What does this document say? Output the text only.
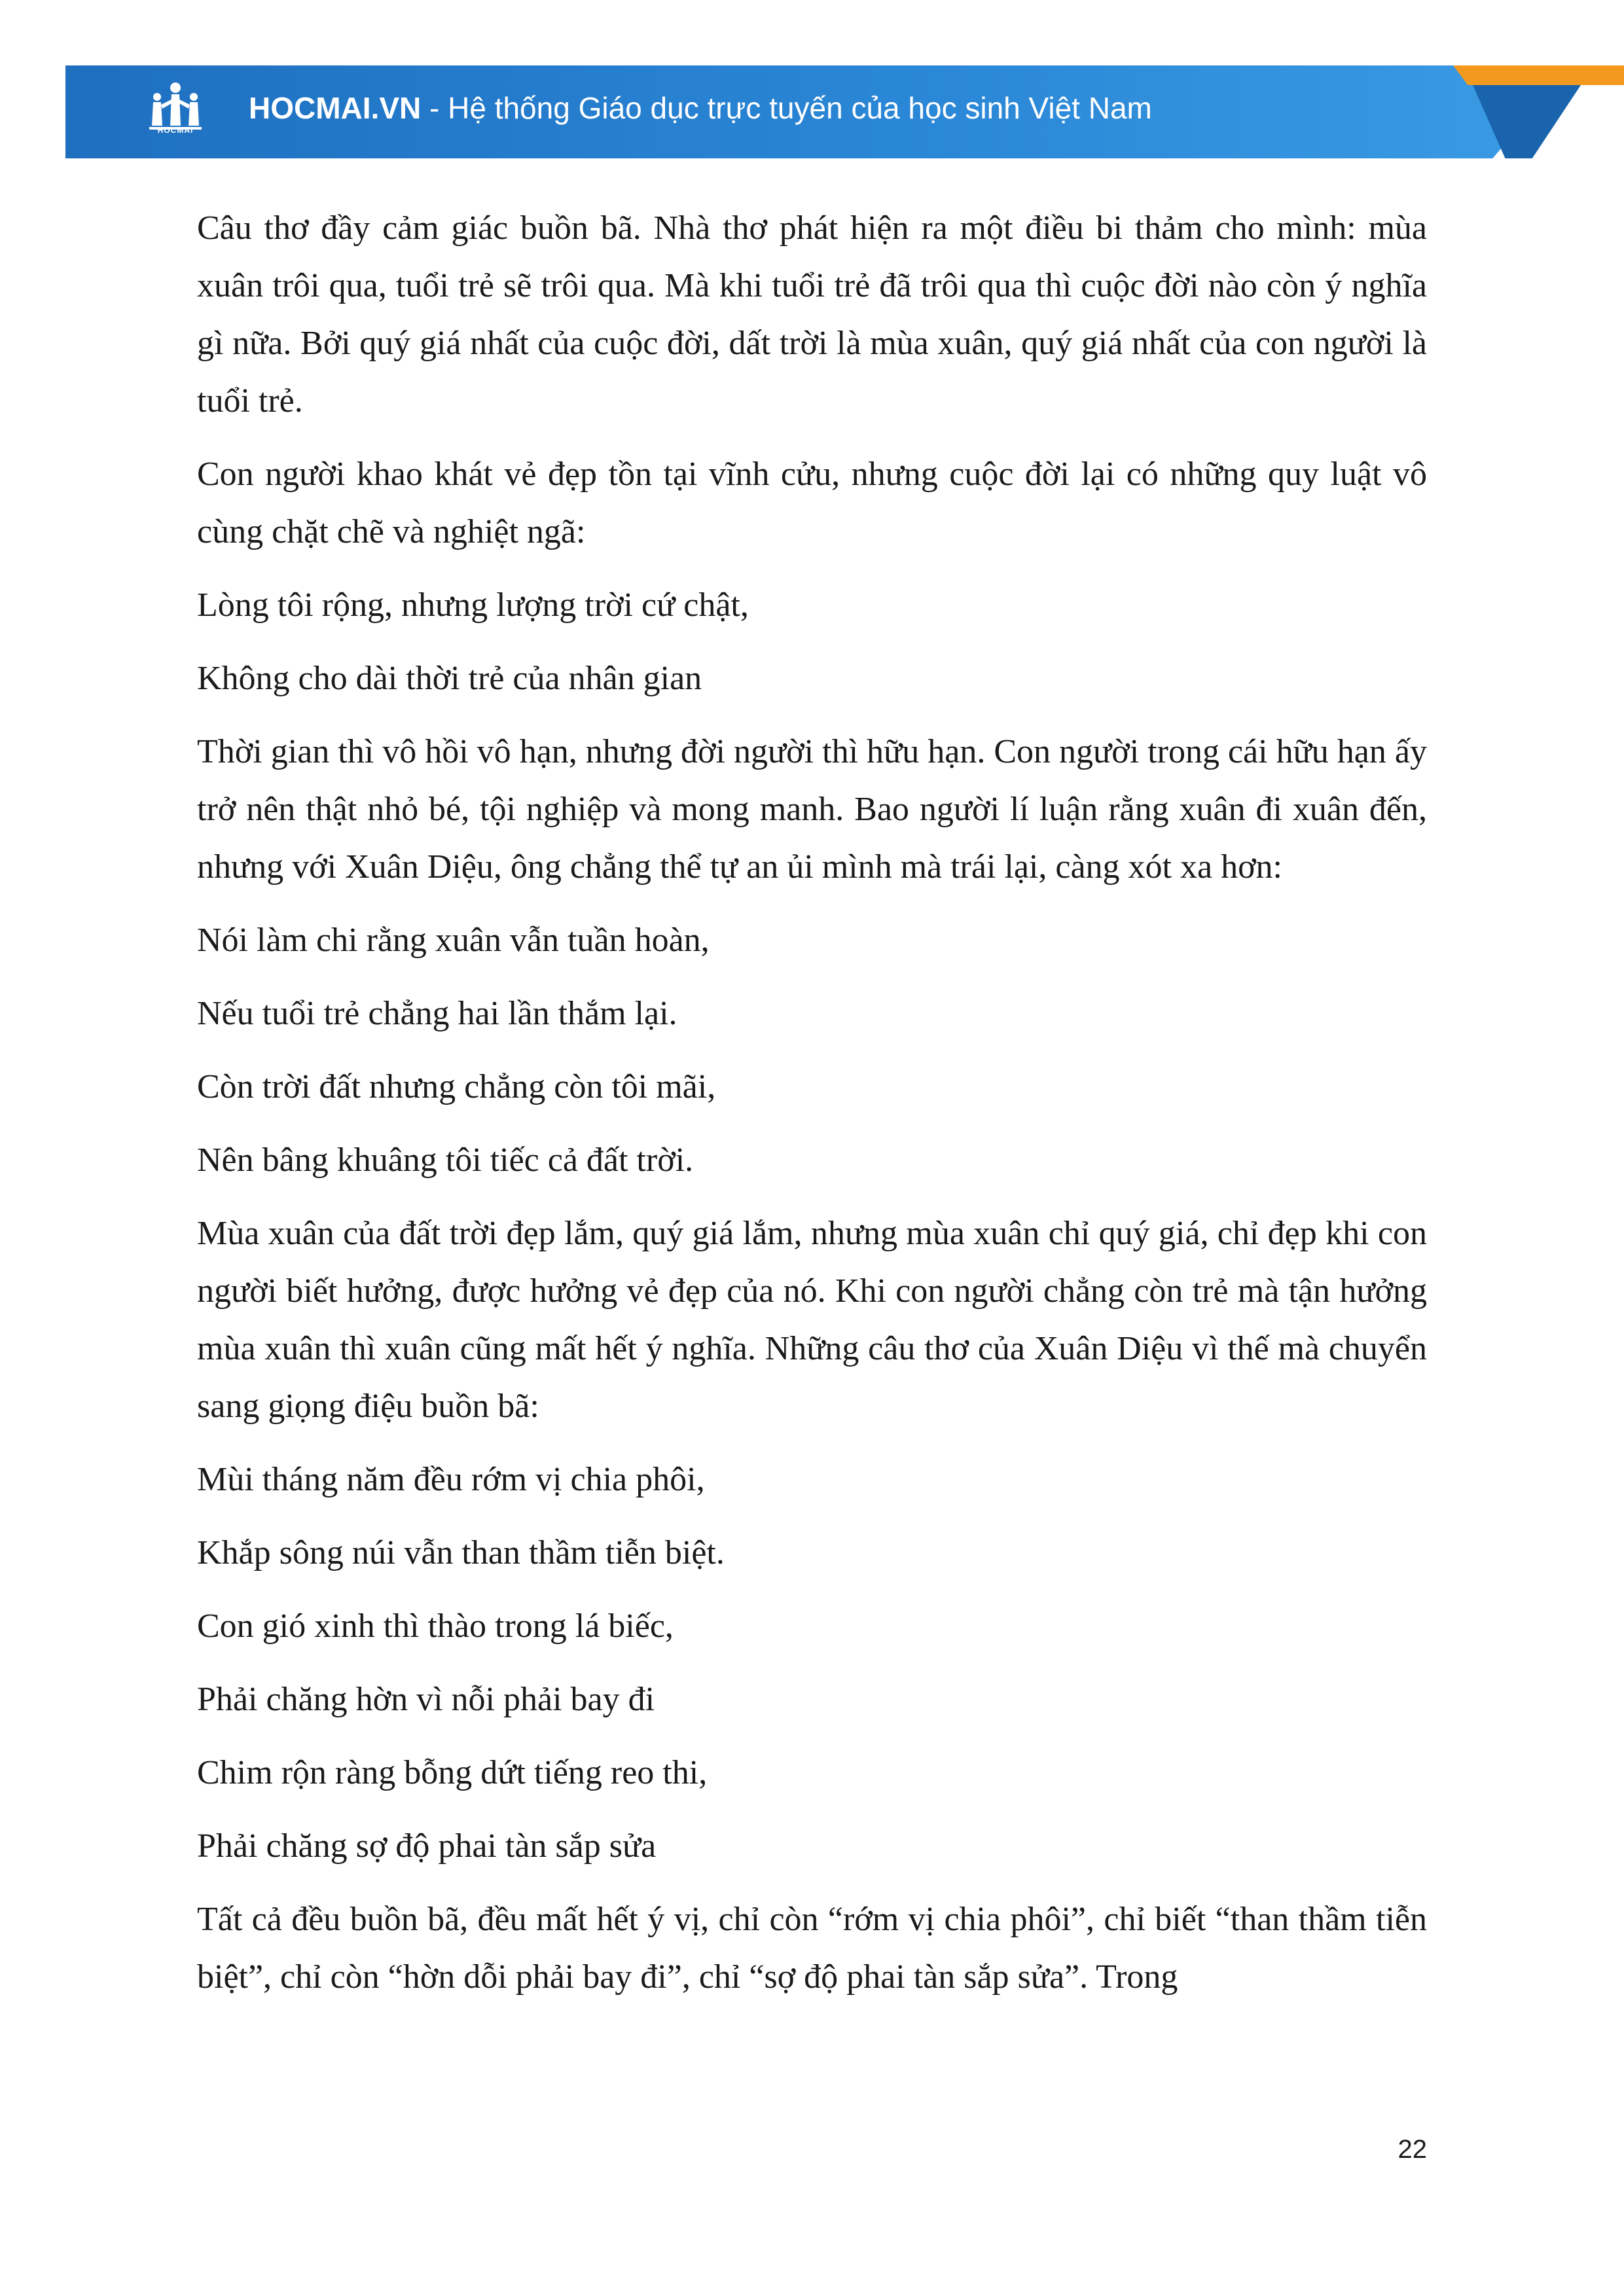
HOCMAI
HOCMAI.VN - Hệ thống Giáo dục trực tuyến của học sinh Việt Nam

Câu thơ đầy cảm giác buồn bã. Nhà thơ phát hiện ra một điều bi thảm cho mình: mùa xuân trôi qua, tuổi trẻ sẽ trôi qua. Mà khi tuổi trẻ đã trôi qua thì cuộc đời nào còn ý nghĩa gì nữa. Bởi quý giá nhất của cuộc đời, dất trời là mùa xuân, quý giá nhất của con người là tuổi trẻ.

Con người khao khát vẻ đẹp tồn tại vĩnh cửu, nhưng cuộc đời lại có những quy luật vô cùng chặt chẽ và nghiệt ngã:

Lòng tôi rộng, nhưng lượng trời cứ chật,

Không cho dài thời trẻ của nhân gian

Thời gian thì vô hồi vô hạn, nhưng đời người thì hữu hạn. Con người trong cái hữu hạn ấy trở nên thật nhỏ bé, tội nghiệp và mong manh. Bao người lí luận rằng xuân đi xuân đến, nhưng với Xuân Diệu, ông chẳng thể tự an ủi mình mà trái lại, càng xót xa hơn:

Nói làm chi rằng xuân vẫn tuần hoàn,

Nếu tuổi trẻ chẳng hai lần thắm lại.

Còn trời đất nhưng chẳng còn tôi mãi,

Nên bâng khuâng tôi tiếc cả đất trời.

Mùa xuân của đất trời đẹp lắm, quý giá lắm, nhưng mùa xuân chỉ quý giá, chỉ đẹp khi con người biết hưởng, được hưởng vẻ đẹp của nó. Khi con người chẳng còn trẻ mà tận hưởng mùa xuân thì xuân cũng mất hết ý nghĩa. Những câu thơ của Xuân Diệu vì thế mà chuyển sang giọng điệu buồn bã:

Mùi tháng năm đều rớm vị chia phôi,

Khắp sông núi vẫn than thầm tiễn biệt.

Con gió xinh thì thào trong lá biếc,

Phải chăng hờn vì nỗi phải bay đi

Chim rộn ràng bỗng dứt tiếng reo thi,

Phải chăng sợ độ phai tàn sắp sửa

Tất cả đều buồn bã, đều mất hết ý vị, chỉ còn “rớm vị chia phôi”, chỉ biết “than thầm tiễn biệt”, chỉ còn “hờn dỗi phải bay đi”, chỉ “sợ độ phai tàn sắp sửa”. Trong

22
